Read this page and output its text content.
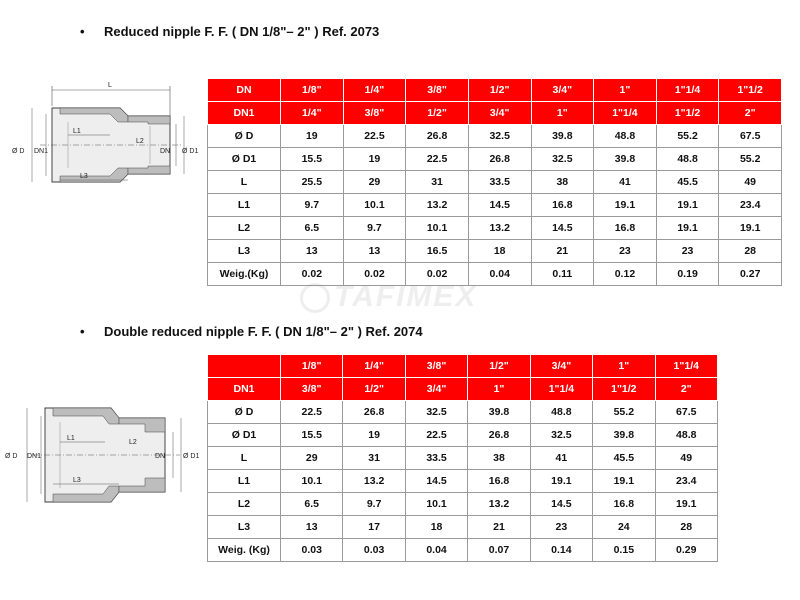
• Reduced nipple F. F. ( DN 1/8"– 2" ) Ref. 2073
L
L1
L3
L2
Ø D DN1	DN Ø D1
DN	1/8"	1/4"	3/8"	1/2"	3/4"	1"	1"1/4	1"1/2
DN1	1/4"	3/8"	1/2"	3/4"	1"	1"1/4	1"1/2	2"
Ø D	19	22.5	26.8	32.5	39.8	48.8	55.2	67.5
Ø D1	15.5	19	22.5	26.8	32.5	39.8	48.8	55.2
L	25.5	29	31	33.5	38	41	45.5	49
L1	9.7	10.1	13.2	14.5	16.8	19.1	19.1	23.4
L2	6.5	9.7	10.1	13.2	14.5	16.8	19.1	19.1
L3	13	13	16.5	18	21	23	23	28
Weig.(Kg)	0.02	0.02	0.02	0.04	0.11	0.12	0.19	0.27
TAFIMEX
• Double reduced nipple F. F. ( DN 1/8"– 2" ) Ref. 2074
L1
L3
L2
Ø D DN1	DN	Ø D1
	1/8"	1/4"	3/8"	1/2"	3/4"	1"	1"1/4
DN1	3/8"	1/2"	3/4"	1"	1"1/4	1"1/2	2"
Ø D	22.5	26.8	32.5	39.8	48.8	55.2	67.5
Ø D1	15.5	19	22.5	26.8	32.5	39.8	48.8
L	29	31	33.5	38	41	45.5	49
L1	10.1	13.2	14.5	16.8	19.1	19.1	23.4
L2	6.5	9.7	10.1	13.2	14.5	16.8	19.1
L3	13	17	18	21	23	24	28
Weig. (Kg)	0.03	0.03	0.04	0.07	0.14	0.15	0.29
